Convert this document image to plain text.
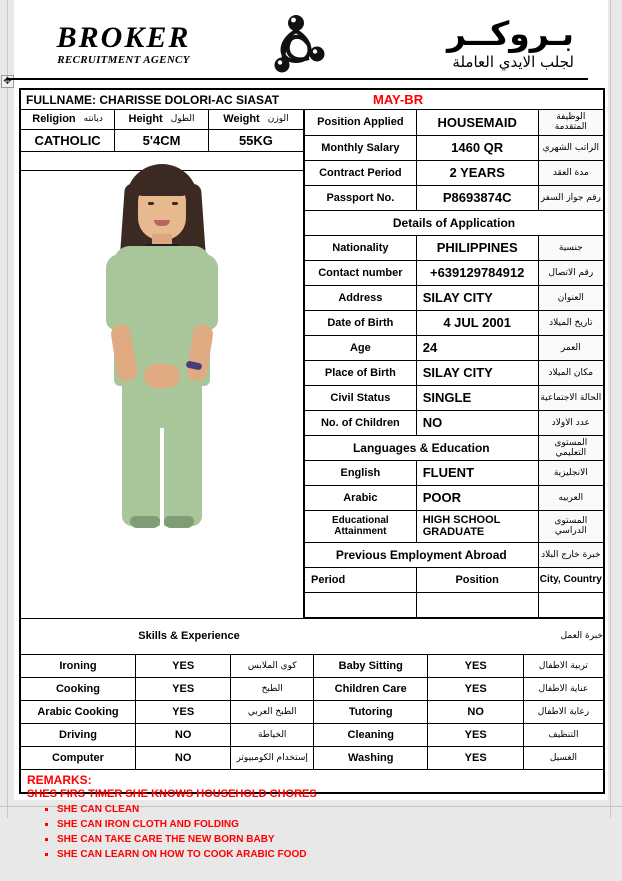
✥
BROKER
RECRUITMENT AGENCY
بـروكــر
لجلب الايدي العاملة
FULLNAME: CHARISSE DOLORI-AC SIASAT	MAY-BR
Religion ديانته	Height الطول	Weight الوزن

CATHOLIC	5'4CM	55KG

Position Applied	HOUSEMAID	الوظيفة المتقدمة
Monthly Salary	1460 QR	الراتب الشهري
Contract Period	2 YEARS	مدة العقد
Passport No.	P8693874C	رقم جواز السفر
Details of Application		
Nationality	PHILIPPINES	جنسية
Contact number	+639129784912	رقم الاتصال
Address	SILAY CITY	العنوان
Date of Birth	4 JUL 2001	تاريخ الميلاد
Age	24	العمر
Place of Birth	SILAY CITY	مكان الميلاد
Civil Status	SINGLE	الحالة الاجتماعية
No. of Children	NO	عدد الاولاد
Languages & Education		المستوى التعليمي
English	FLUENT	الانجليزية
Arabic	POOR	العربيه
Educational Attainment	HIGH SCHOOL GRADUATE	المستوى الدراسي
Previous Employment Abroad		خبرة خارج البلاد
Period	Position	City, Country

Skills & Experience	خبرة العمل
Ironing	YES	كوي الملابس	Baby Sitting	YES	تربية الاطفال
Cooking	YES	الطبخ	Children Care	YES	عناية الاطفال
Arabic Cooking	YES	الطبخ العربي	Tutoring	NO	رعاية الاطفال
Driving	NO	الخياطة	Cleaning	YES	التنظيف
Computer	NO	إستخدام الكومبيوتر	Washing	YES	الغسيل
REMARKS:
SHES FIRS TIMER SHE KNOWS HOUSEHOLD CHORES
▪ SHE CAN CLEAN
▪ SHE CAN IRON CLOTH AND FOLDING
▪ SHE CAN TAKE CARE THE NEW BORN BABY
▪ SHE CAN LEARN ON HOW TO COOK ARABIC FOOD
